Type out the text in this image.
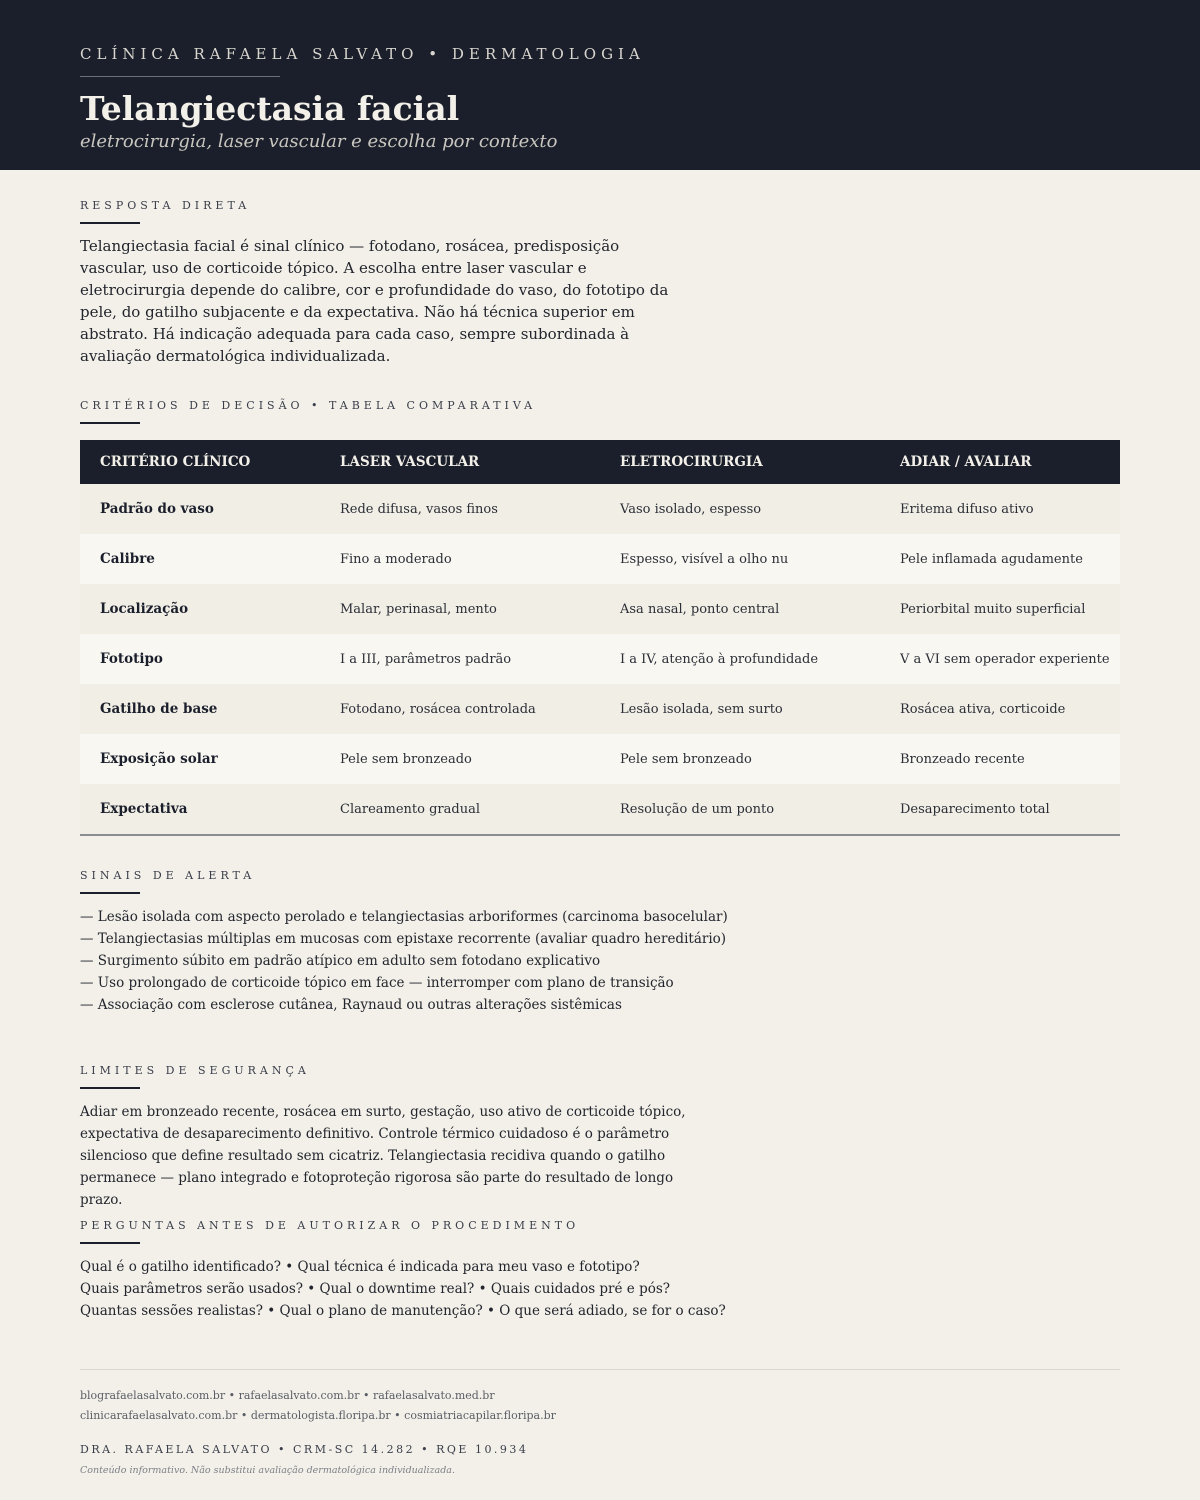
CLÍNICA RAFAELA SALVATO • DERMATOLOGIA
Telangiectasia facial
eletrocirurgia, laser vascular e escolha por contexto
RESPOSTA DIRETA

Telangiectasia facial é sinal clínico — fotodano, rosácea, predisposição vascular, uso de corticoide tópico. A escolha entre laser vascular e eletrocirurgia depende do calibre, cor e profundidade do vaso, do fototipo da pele, do gatilho subjacente e da expectativa. Não há técnica superior em abstrato. Há indicação adequada para cada caso, sempre subordinada à avaliação dermatológica individualizada.

CRITÉRIOS DE DECISÃO • TABELA COMPARATIVA
CRITÉRIO CLÍNICO	LASER VASCULAR	ELETROCIRURGIA	ADIAR / AVALIAR
Padrão do vaso	Rede difusa, vasos finos	Vaso isolado, espesso	Eritema difuso ativo
Calibre	Fino a moderado	Espesso, visível a olho nu	Pele inflamada agudamente
Localização	Malar, perinasal, mento	Asa nasal, ponto central	Periorbital muito superficial
Fototipo	I a III, parâmetros padrão	I a IV, atenção à profundidade	V a VI sem operador experiente
Gatilho de base	Fotodano, rosácea controlada	Lesão isolada, sem surto	Rosácea ativa, corticoide
Exposição solar	Pele sem bronzeado	Pele sem bronzeado	Bronzeado recente
Expectativa	Clareamento gradual	Resolução de um ponto	Desaparecimento total
SINAIS DE ALERTA
— Lesão isolada com aspecto perolado e telangiectasias arboriformes (carcinoma basocelular)
— Telangiectasias múltiplas em mucosas com epistaxe recorrente (avaliar quadro hereditário)
— Surgimento súbito em padrão atípico em adulto sem fotodano explicativo
— Uso prolongado de corticoide tópico em face — interromper com plano de transição
— Associação com esclerose cutânea, Raynaud ou outras alterações sistêmicas
LIMITES DE SEGURANÇA

Adiar em bronzeado recente, rosácea em surto, gestação, uso ativo de corticoide tópico, expectativa de desaparecimento definitivo. Controle térmico cuidadoso é o parâmetro silencioso que define resultado sem cicatriz. Telangiectasia recidiva quando o gatilho permanece — plano integrado e fotoproteção rigorosa são parte do resultado de longo prazo.

PERGUNTAS ANTES DE AUTORIZAR O PROCEDIMENTO
Qual é o gatilho identificado? • Qual técnica é indicada para meu vaso e fototipo?
Quais parâmetros serão usados? • Qual o downtime real? • Quais cuidados pré e pós?
Quantas sessões realistas? • Qual o plano de manutenção? • O que será adiado, se for o caso?
blografaelasalvato.com.br • rafaelasalvato.com.br • rafaelasalvato.med.br
clinicarafaelasalvato.com.br • dermatologista.floripa.br • cosmiatriacapilar.floripa.br
DRA. RAFAELA SALVATO • CRM-SC 14.282 • RQE 10.934
Conteúdo informativo. Não substitui avaliação dermatológica individualizada.
